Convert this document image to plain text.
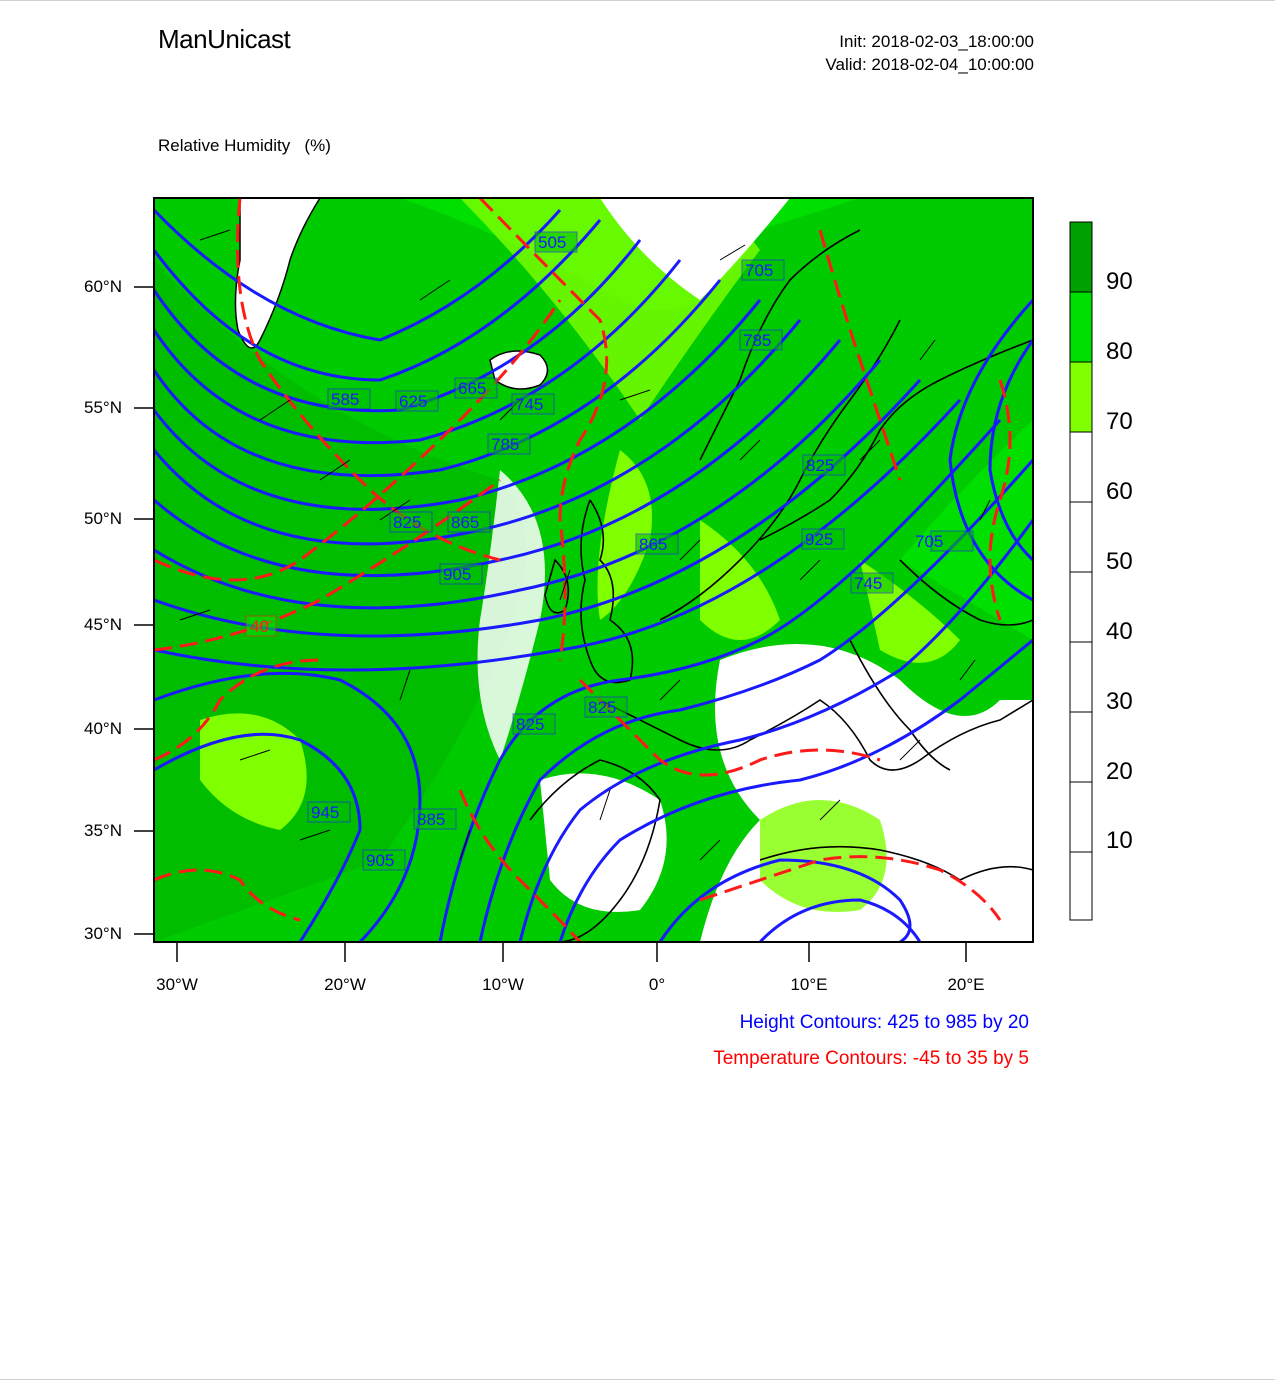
ManUnicast	Init: 2018-02-03_18:00:00
Valid: 2018-02-04_10:00:00

Relative Humidity   (%)

505
585 625
665
705
745
785
825 865
865
825
905
905
925
945	885
825
785
745
705
825
40
60°N
55°N
50°N
45°N
40°N
35°N
30°N
30°W	20°W	10°W	0°	10°E	20°E
90
80
70
60
50
40
30
20
10
Height Contours: 425 to 985 by 20
Temperature Contours: -45 to 35 by 5
